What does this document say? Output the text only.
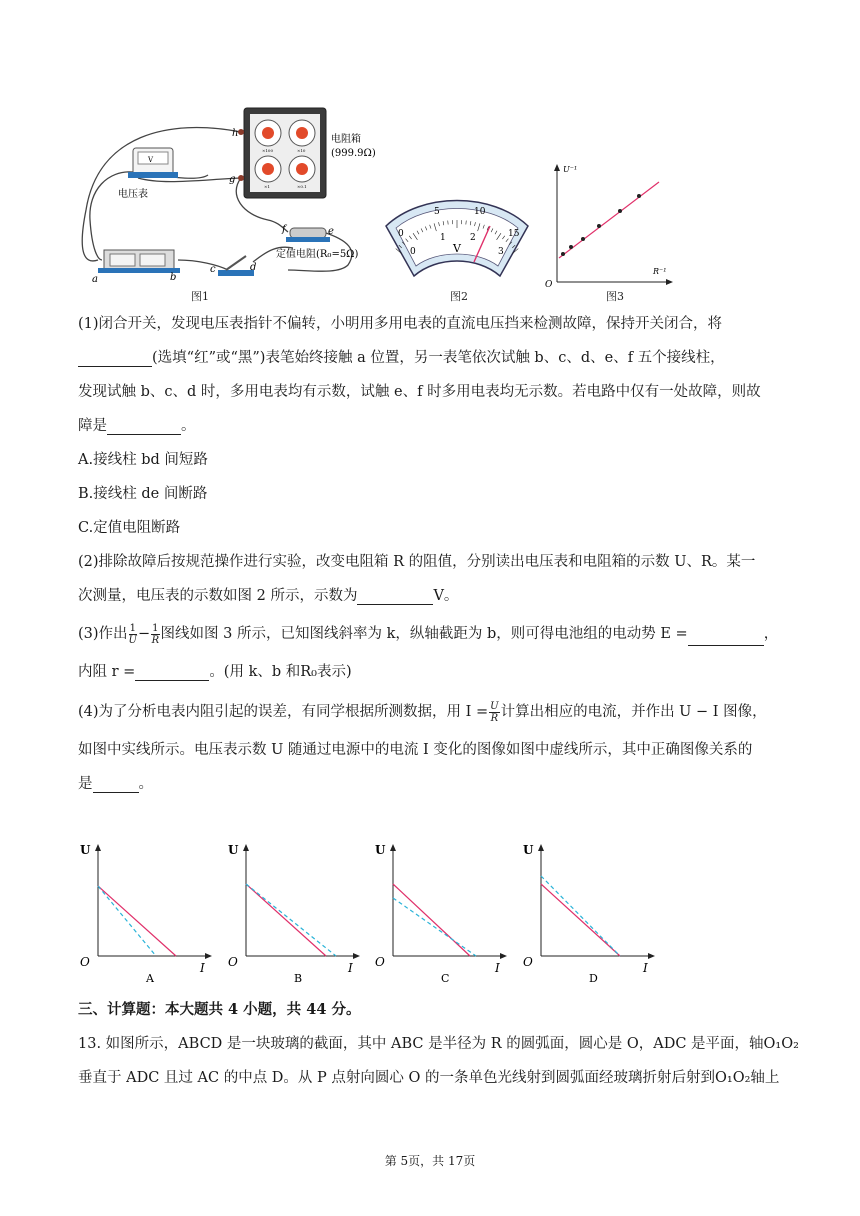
×100	×10
×1	×0.1
h
g
电阻箱
(999.9Ω)
V
电压表
a	b
c	d
f	e
定值电阻(R₀=5Ω)
图1
0
5	10
15
0
1	2
3
V
图2
U⁻¹
R⁻¹
O
图3
(1)闭合开关，发现电压表指针不偏转，小明用多用电表的直流电压挡来检测故障，保持开关闭合，将
(选填“红”或“黑”)表笔始终接触 a 位置，另一表笔依次试触 b、c、d、e、f 五个接线柱，
发现试触 b、c、d 时，多用电表均有示数，试触 e、f 时多用电表均无示数。若电路中仅有一处故障，则故
障是	。
A.接线柱 bd 间短路
B.接线柱 de 间断路
C.定值电阻断路
(2)排除故障后按规范操作进行实验，改变电阻箱 R 的阻值，分别读出电压表和电阻箱的示数 U、R。某一
次测量，电压表的示数如图 2 所示，示数为	V。
(3)作出 $\frac{1}{U} - \frac{1}{R}$ 图线如图 3 所示，已知图线斜率为 k，纵轴截距为 b，则可得电池组的电动势 E =	，
内阻 r =	。(用 k、b 和R₀表示)
(4)为了分析电表内阻引起的误差，有同学根据所测数据，用 $I = \frac{U}{R}$ 计算出相应的电流，并作出 U − I 图像，
如图中实线所示。电压表示数 U 随通过电源中的电流 I 变化的图像如图中虚线所示，其中正确图像关系的
是	。
U
O	I
A
U
O	I
B
U
O	I
C
U
O	I
D
三、计算题：本大题共 4 小题，共 44 分。
13. 如图所示，ABCD 是一块玻璃的截面，其中 ABC 是半径为 R 的圆弧面，圆心是 O，ADC 是平面，轴O₁O₂
垂直于 ADC 且过 AC 的中点 D。从 P 点射向圆心 O 的一条单色光线射到圆弧面经玻璃折射后射到O₁O₂轴上
第 5页，共 17页
